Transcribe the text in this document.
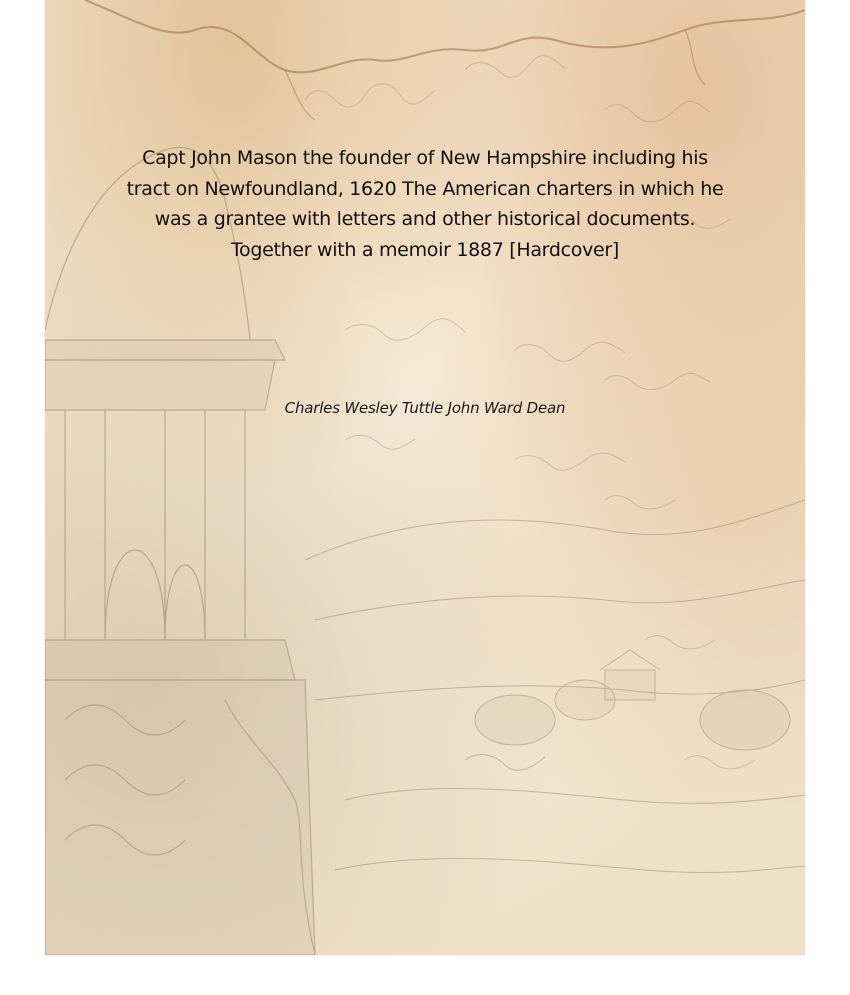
Capt John Mason the founder of New Hampshire including his tract on Newfoundland, 1620 The American charters in which he was a grantee with letters and other historical documents. Together with a memoir 1887 [Hardcover]
Charles Wesley Tuttle John Ward Dean
